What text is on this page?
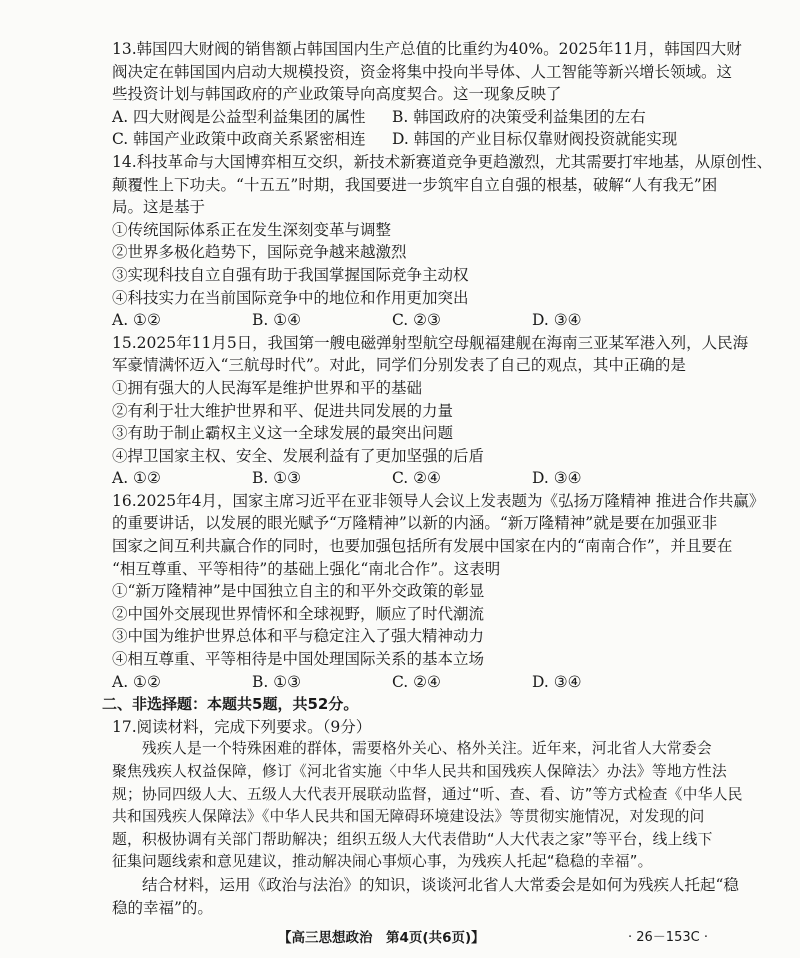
13.韩国四大财阀的销售额占韩国国内生产总值的比重约为40%。2025年11月，韩国四大财
阀决定在韩国国内启动大规模投资，资金将集中投向半导体、人工智能等新兴增长领域。这
些投资计划与韩国政府的产业政策导向高度契合。这一现象反映了
A. 四大财阀是公益型利益集团的属性	B. 韩国政府的决策受利益集团的左右
C. 韩国产业政策中政商关系紧密相连	D. 韩国的产业目标仅靠财阀投资就能实现
14.科技革命与大国博弈相互交织，新技术新赛道竞争更趋激烈，尤其需要打牢地基，从原创性、
颠覆性上下功夫。“十五五”时期，我国要进一步筑牢自立自强的根基，破解“人有我无”困
局。这是基于
①传统国际体系正在发生深刻变革与调整
②世界多极化趋势下，国际竞争越来越激烈
③实现科技自立自强有助于我国掌握国际竞争主动权
④科技实力在当前国际竞争中的地位和作用更加突出
A. ①②	B. ①④	C. ②③	D. ③④
15.2025年11月5日，我国第一艘电磁弹射型航空母舰福建舰在海南三亚某军港入列，人民海
军豪情满怀迈入“三航母时代”。对此，同学们分别发表了自己的观点，其中正确的是
①拥有强大的人民海军是维护世界和平的基础
②有利于壮大维护世界和平、促进共同发展的力量
③有助于制止霸权主义这一全球发展的最突出问题
④捍卫国家主权、安全、发展利益有了更加坚强的后盾
A. ①②	B. ①③	C. ②④	D. ③④
16.2025年4月，国家主席习近平在亚非领导人会议上发表题为《弘扬万隆精神 推进合作共赢》
的重要讲话，以发展的眼光赋予“万隆精神”以新的内涵。“新万隆精神”就是要在加强亚非
国家之间互利共赢合作的同时，也要加强包括所有发展中国家在内的“南南合作”，并且要在
“相互尊重、平等相待”的基础上强化“南北合作”。这表明
①“新万隆精神”是中国独立自主的和平外交政策的彰显
②中国外交展现世界情怀和全球视野，顺应了时代潮流
③中国为维护世界总体和平与稳定注入了强大精神动力
④相互尊重、平等相待是中国处理国际关系的基本立场
A. ①②	B. ①③	C. ②④	D. ③④
二、非选择题：本题共5题，共52分。
17.阅读材料，完成下列要求。（9分）
残疾人是一个特殊困难的群体，需要格外关心、格外关注。近年来，河北省人大常委会
聚焦残疾人权益保障，修订《河北省实施〈中华人民共和国残疾人保障法〉办法》等地方性法
规；协同四级人大、五级人大代表开展联动监督，通过“听、查、看、访”等方式检查《中华人民
共和国残疾人保障法》《中华人民共和国无障碍环境建设法》等贯彻实施情况，对发现的问
题，积极协调有关部门帮助解决；组织五级人大代表借助“人大代表之家”等平台，线上线下
征集问题线索和意见建议，推动解决闹心事烦心事，为残疾人托起“稳稳的幸福”。
结合材料，运用《政治与法治》的知识，谈谈河北省人大常委会是如何为残疾人托起“稳
稳的幸福”的。
【高三思想政治　第4页(共6页)】	· 26－153C ·
